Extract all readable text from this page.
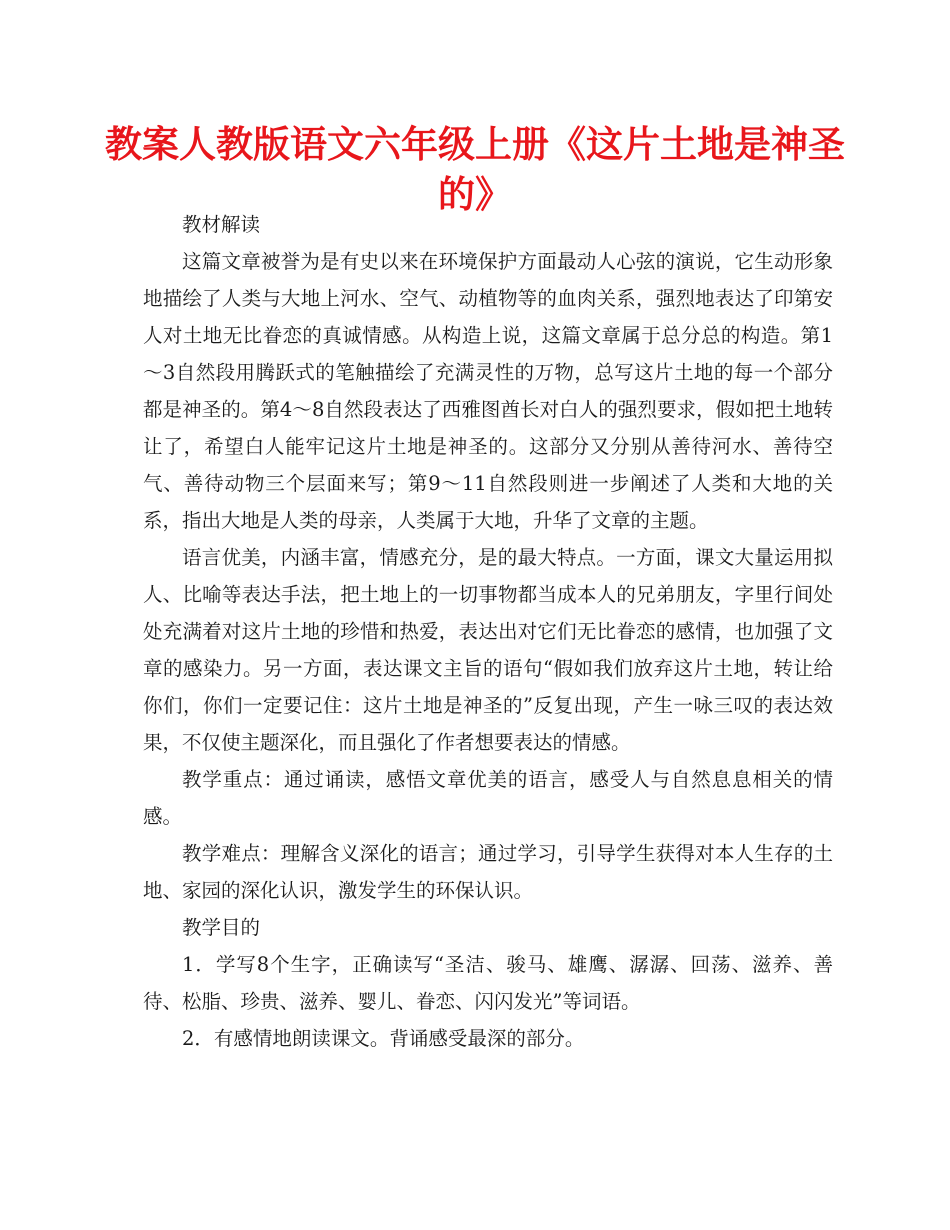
教案人教版语文六年级上册《这片土地是神圣的》

教材解读

这篇文章被誉为是有史以来在环境保护方面最动人心弦的演说，它生动形象地描绘了人类与大地上河水、空气、动植物等的血肉关系，强烈地表达了印第安人对土地无比眷恋的真诚情感。从构造上说，这篇文章属于总分总的构造。第1～3自然段用腾跃式的笔触描绘了充满灵性的万物，总写这片土地的每一个部分都是神圣的。第4～8自然段表达了西雅图酋长对白人的强烈要求，假如把土地转让了，希望白人能牢记这片土地是神圣的。这部分又分别从善待河水、善待空气、善待动物三个层面来写；第9～11自然段则进一步阐述了人类和大地的关系，指出大地是人类的母亲，人类属于大地，升华了文章的主题。

语言优美，内涵丰富，情感充分，是的最大特点。一方面，课文大量运用拟人、比喻等表达手法，把土地上的一切事物都当成本人的兄弟朋友，字里行间处处充满着对这片土地的珍惜和热爱，表达出对它们无比眷恋的感情，也加强了文章的感染力。另一方面，表达课文主旨的语句“假如我们放弃这片土地，转让给你们，你们一定要记住：这片土地是神圣的”反复出现，产生一咏三叹的表达效果，不仅使主题深化，而且强化了作者想要表达的情感。

教学重点：通过诵读，感悟文章优美的语言，感受人与自然息息相关的情感。

教学难点：理解含义深化的语言；通过学习，引导学生获得对本人生存的土地、家园的深化认识，激发学生的环保认识。

教学目的

1．学写8个生字，正确读写“圣洁、骏马、雄鹰、潺潺、回荡、滋养、善待、松脂、珍贵、滋养、婴儿、眷恋、闪闪发光”等词语。

2．有感情地朗读课文。背诵感受最深的部分。
